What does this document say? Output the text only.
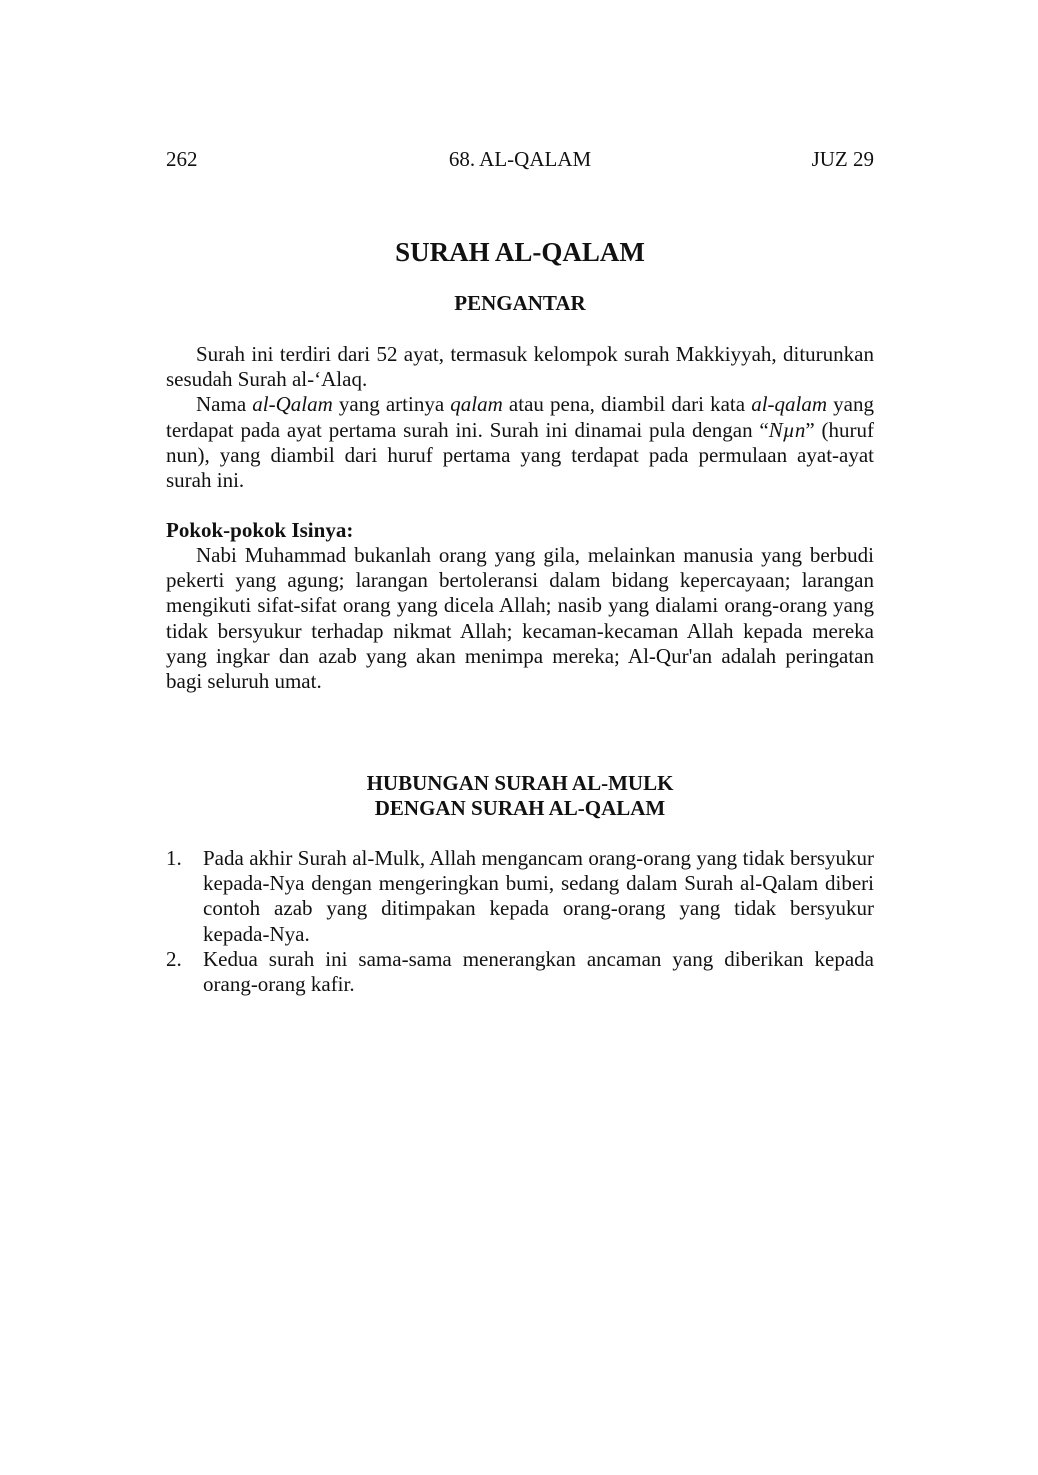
262	68. AL-QALAM	JUZ 29
SURAH AL-QALAM
PENGANTAR

Surah ini terdiri dari 52 ayat, termasuk kelompok surah Makkiyyah, diturunkan sesudah Surah al-‘Alaq.

Nama al-Qalam yang artinya qalam atau pena, diambil dari kata al-qalam yang terdapat pada ayat pertama surah ini. Surah ini dinamai pula dengan “Nµn” (huruf nun), yang diambil dari huruf pertama yang terdapat pada permulaan ayat-ayat surah ini.

Pokok-pokok Isinya:

Nabi Muhammad bukanlah orang yang gila, melainkan manusia yang berbudi pekerti yang agung; larangan bertoleransi dalam bidang kepercayaan; larangan mengikuti sifat-sifat orang yang dicela Allah; nasib yang dialami orang-orang yang tidak bersyukur terhadap nikmat Allah; kecaman-kecaman Allah kepada mereka yang ingkar dan azab yang akan menimpa mereka; Al-Qur'an adalah peringatan bagi seluruh umat.

HUBUNGAN SURAH AL-MULK
DENGAN SURAH AL-QALAM
1.	Pada akhir Surah al-Mulk, Allah mengancam orang-orang yang tidak bersyukur kepada-Nya dengan mengeringkan bumi, sedang dalam Surah al-Qalam diberi contoh azab yang ditimpakan kepada orang-orang yang tidak bersyukur kepada-Nya.
2.	Kedua surah ini sama-sama menerangkan ancaman yang diberikan kepada orang-orang kafir.
